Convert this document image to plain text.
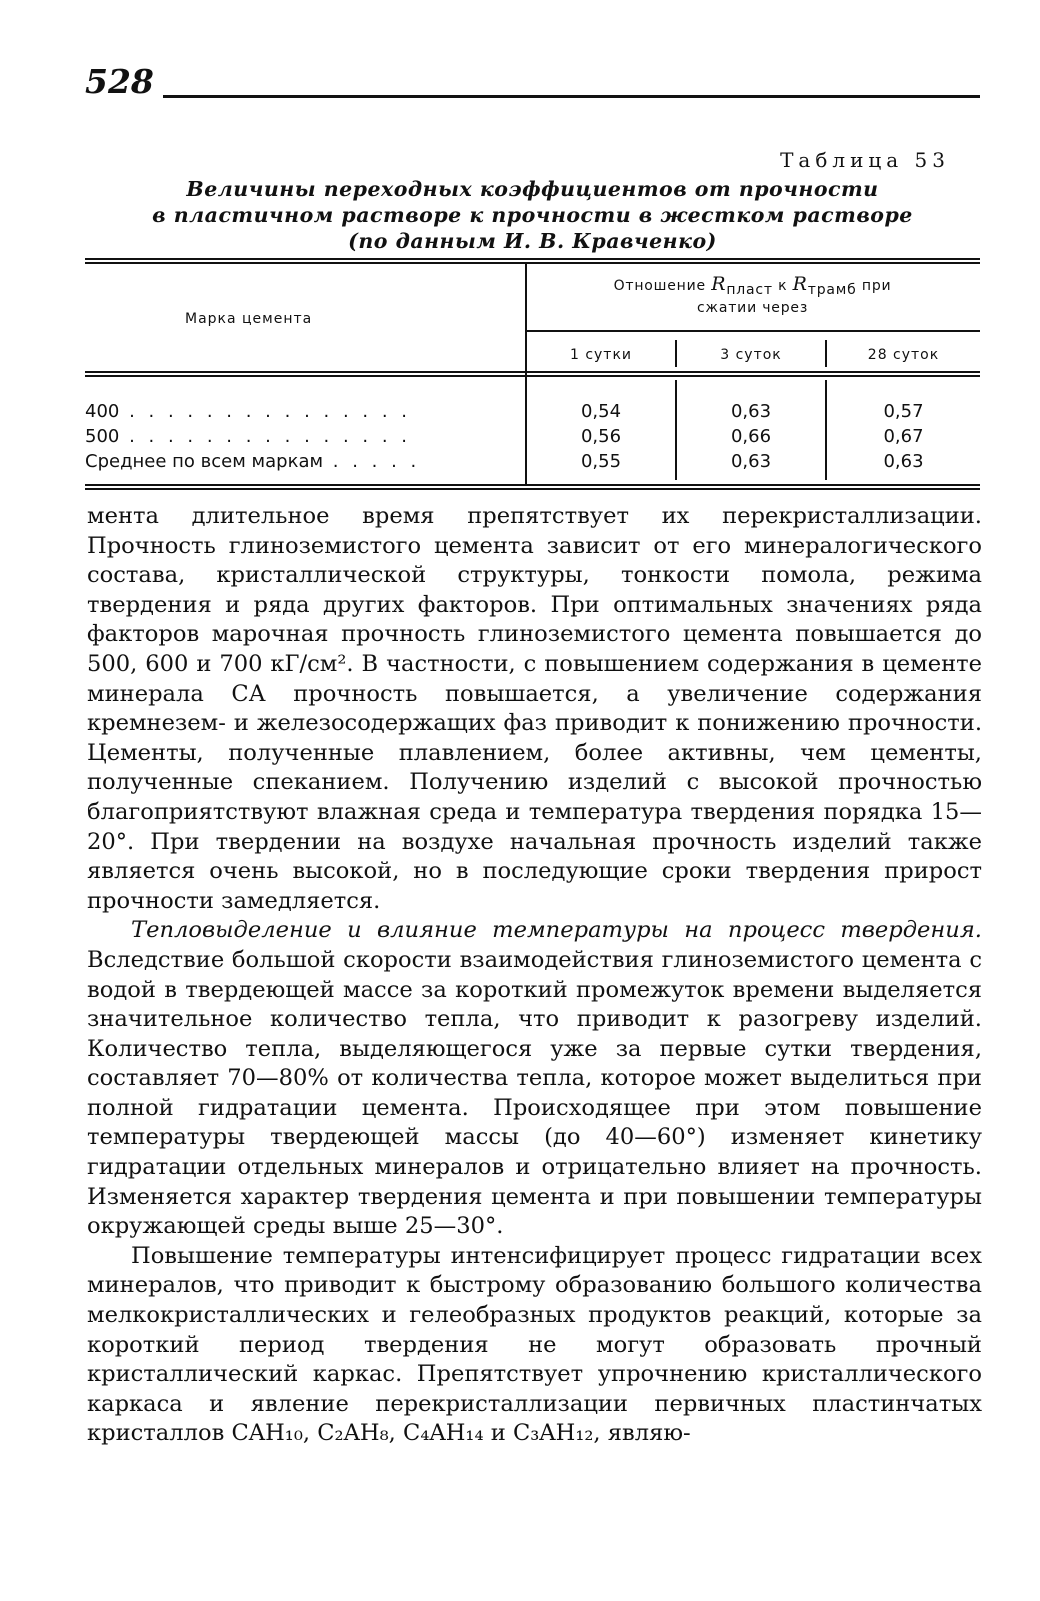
528
Таблица 53
Величины переходных коэффициентов от прочности
в пластичном растворе к прочности в жестком растворе
(по данным И. В. Кравченко)
Марка цемента
Отношение Rпласт к Rтрамб при
сжатии через
1 сутки	3 суток	28 суток
400 . . . . . . . . . . . . . . .	0,54	0,63	0,57
500 . . . . . . . . . . . . . . .	0,56	0,66	0,67
Среднее по всем маркам . . . . .	0,55	0,63	0,63

мента длительное время препятствует их перекристаллизации. Прочность глиноземистого цемента зависит от его минералогического состава, кристаллической структуры, тонкости помола, режима твердения и ряда других факторов. При оптимальных значениях ряда факторов марочная прочность глиноземистого цемента повышается до 500, 600 и 700 кГ/см². В частности, с повышением содержания в цементе минерала СА прочность повышается, а увеличение содержания кремнезем- и железосодержащих фаз приводит к понижению прочности. Цементы, полученные плавлением, более активны, чем цементы, полученные спеканием. Получению изделий с высокой прочностью благоприятствуют влажная среда и температура твердения порядка 15—20°. При твердении на воздухе начальная прочность изделий также является очень высокой, но в последующие сроки твердения прирост прочности замедляется.

Тепловыделение и влияние температуры на процесс твердения. Вследствие большой скорости взаимодействия глиноземистого цемента с водой в твердеющей массе за короткий промежуток времени выделяется значительное количество тепла, что приводит к разогреву изделий. Количество тепла, выделяющегося уже за первые сутки твердения, составляет 70—80% от количества тепла, которое может выделиться при полной гидратации цемента. Происходящее при этом повышение температуры твердеющей массы (до 40—60°) изменяет кинетику гидратации отдельных минералов и отрицательно влияет на прочность. Изменяется характер твердения цемента и при повышении температуры окружающей среды выше 25—30°.

Повышение температуры интенсифицирует процесс гидратации всех минералов, что приводит к быстрому образованию большого количества мелкокристаллических и гелеобразных продуктов реакций, которые за короткий период твердения не могут образовать прочный кристаллический каркас. Препятствует упрочнению кристаллического каркаса и явление перекристаллизации первичных пластинчатых кристаллов CAH₁₀, C₂AH₈, C₄AH₁₄ и C₃AH₁₂, являю-
